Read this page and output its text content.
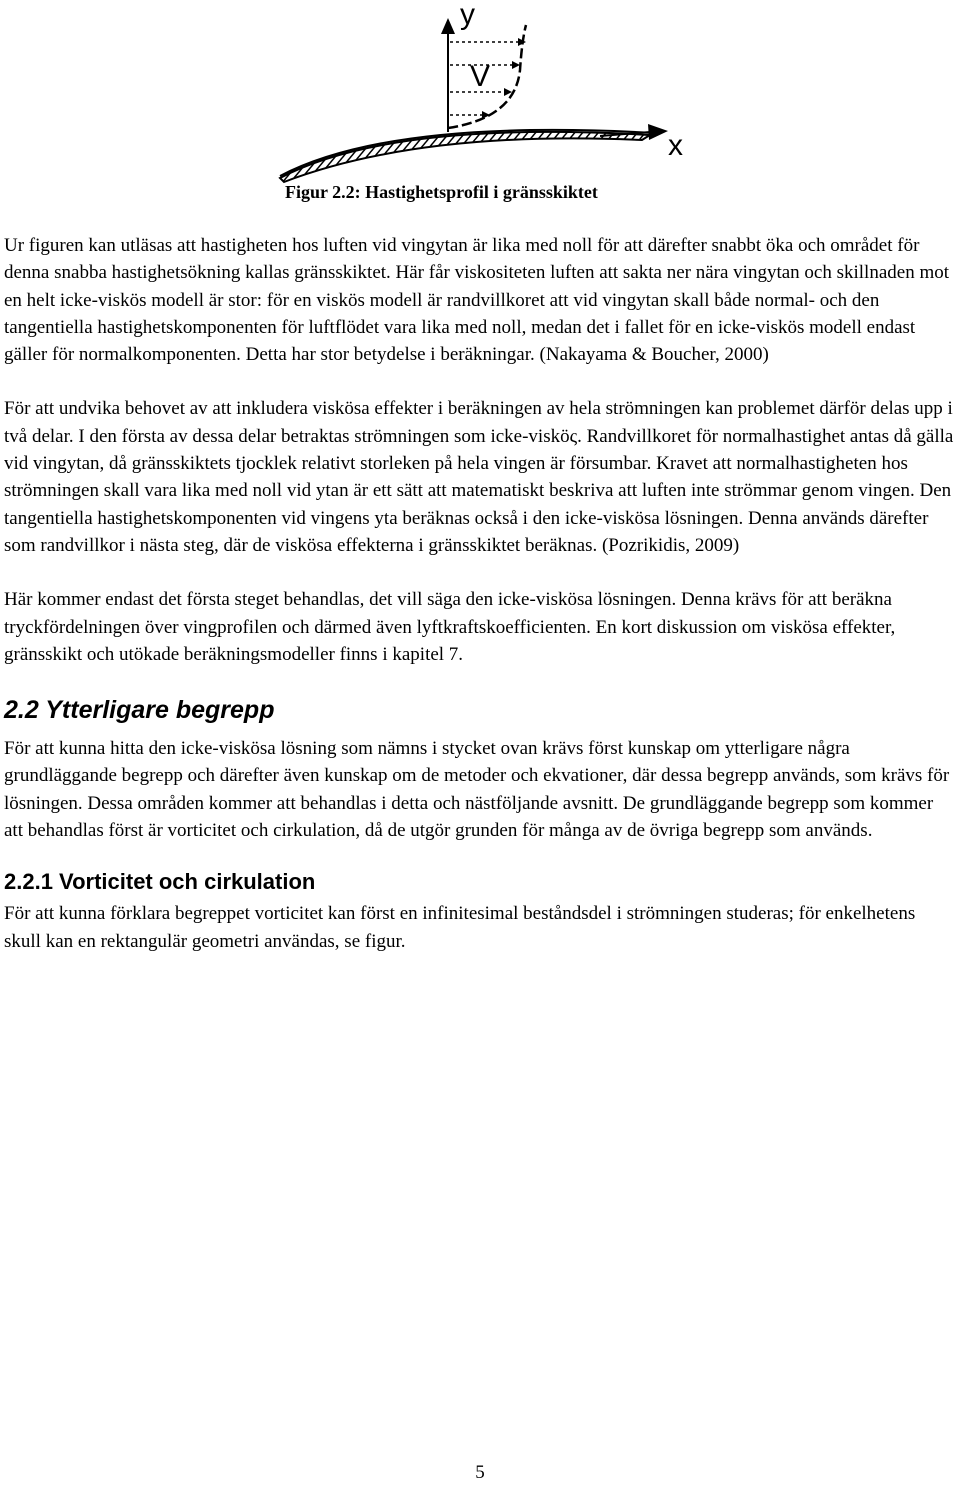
y
V
x
Figur 2.2: Hastighetsprofil i gränsskiktet

Ur figuren kan utläsas att hastigheten hos luften vid vingytan är lika med noll för att därefter snabbt öka och området för denna snabba hastighetsökning kallas gränsskiktet. Här får viskositeten luften att sakta ner nära vingytan och skillnaden mot en helt icke-viskös modell är stor: för en viskös modell är randvillkoret att vid vingytan skall både normal- och den tangentiella hastighetskomponenten för luftflödet vara lika med noll, medan det i fallet för en icke-viskös modell endast gäller för normalkomponenten. Detta har stor betydelse i beräkningar. (Nakayama & Boucher, 2000)

För att undvika behovet av att inkludera viskösa effekter i beräkningen av hela strömningen kan problemet därför delas upp i två delar. I den första av dessa delar betraktas strömningen som icke-visköς. Randvillkoret för normalhastighet antas då gälla vid vingytan, då gränsskiktets tjocklek relativt storleken på hela vingen är försumbar. Kravet att normalhastigheten hos strömningen skall vara lika med noll vid ytan är ett sätt att matematiskt beskriva att luften inte strömmar genom vingen. Den tangentiella hastighetskomponenten vid vingens yta beräknas också i den icke-viskösa lösningen. Denna används därefter som randvillkor i nästa steg, där de viskösa effekterna i gränsskiktet beräknas. (Pozrikidis, 2009)

Här kommer endast det första steget behandlas, det vill säga den icke-viskösa lösningen. Denna krävs för att beräkna tryckfördelningen över vingprofilen och därmed även lyftkraftskoefficienten. En kort diskussion om viskösa effekter, gränsskikt och utökade beräkningsmodeller finns i kapitel 7.

2.2 Ytterligare begrepp

För att kunna hitta den icke-viskösa lösning som nämns i stycket ovan krävs först kunskap om ytterligare några grundläggande begrepp och därefter även kunskap om de metoder och ekvationer, där dessa begrepp används, som krävs för lösningen. Dessa områden kommer att behandlas i detta och nästföljande avsnitt. De grundläggande begrepp som kommer att behandlas först är vorticitet och cirkulation, då de utgör grunden för många av de övriga begrepp som används.

2.2.1 Vorticitet och cirkulation

För att kunna förklara begreppet vorticitet kan först en infinitesimal beståndsdel i strömningen studeras; för enkelhetens skull kan en rektangulär geometri användas, se figur.

5
